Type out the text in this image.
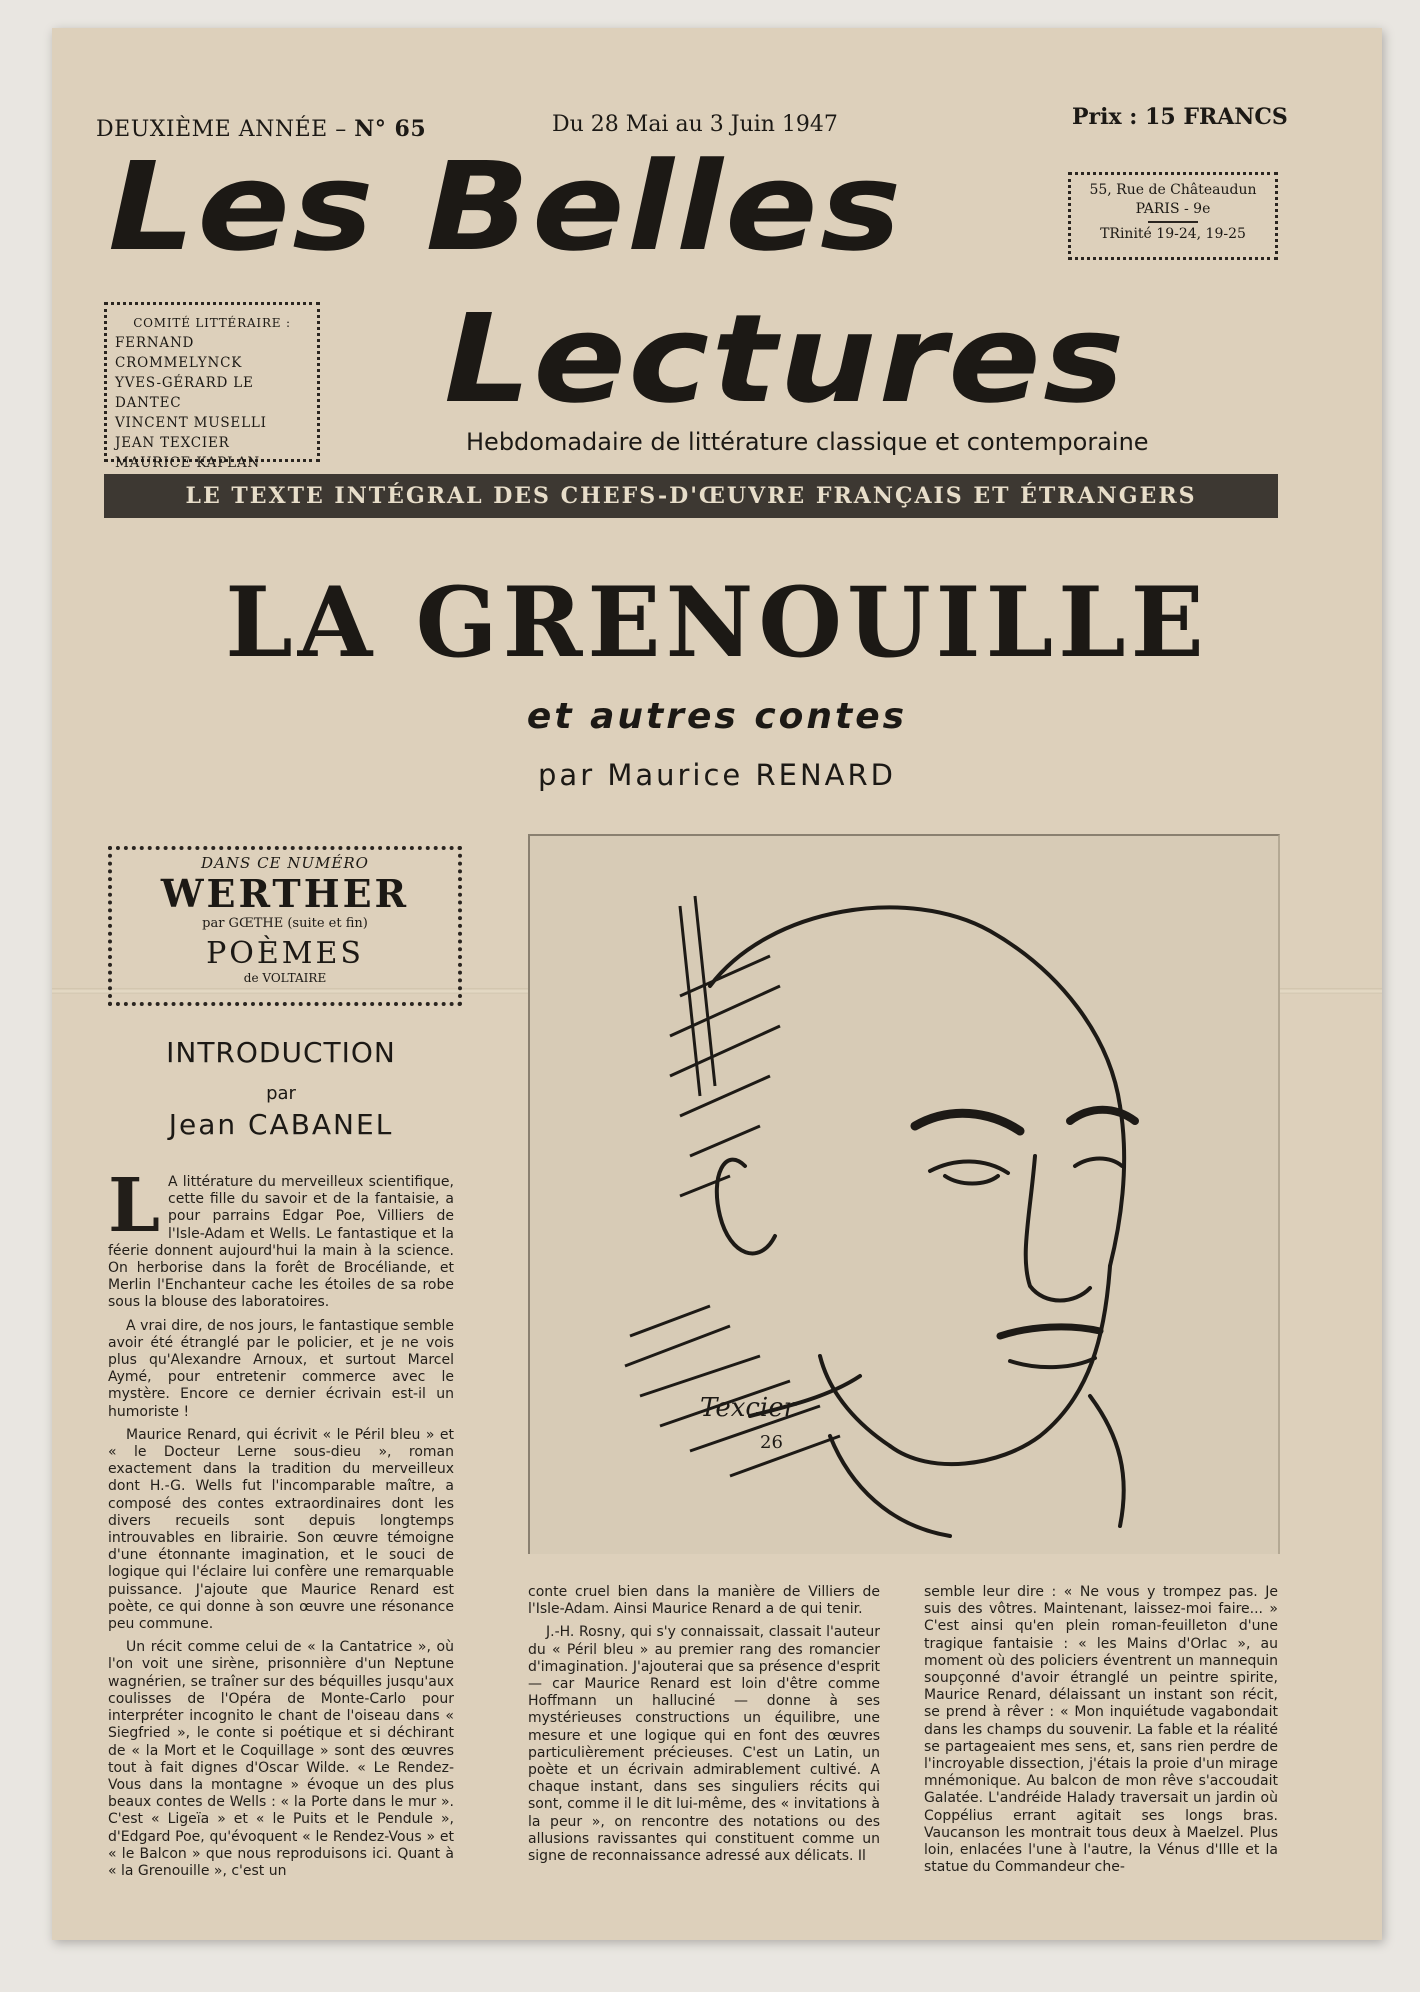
DEUXIÈME ANNÉE – N° 65	Du 28 Mai au 3 Juin 1947	Prix : 15 FRANCS
Les Belles
Lectures
55, Rue de Châteaudun
PARIS - 9e
TRinité 19-24, 19-25
COMITÉ LITTÉRAIRE :
FERNAND CROMMELYNCK
YVES-GÉRARD LE DANTEC
VINCENT MUSELLI
JEAN TEXCIER
MAURICE KAPLAN
Hebdomadaire de littérature classique et contemporaine
LE TEXTE INTÉGRAL DES CHEFS-D'ŒUVRE FRANÇAIS ET ÉTRANGERS
LA GRENOUILLE
et autres contes
par Maurice RENARD
DANS CE NUMÉRO
WERTHER
par GŒTHE (suite et fin)
POÈMES
de VOLTAIRE
INTRODUCTION
par
Jean CABANEL
Texcier
26
L A littérature du merveilleux scientifique, cette fille du savoir et de la fantaisie, a pour parrains Edgar Poe, Villiers de l'Isle-Adam et Wells. Le fantastique et la féerie donnent aujourd'hui la main à la science. On herborise dans la forêt de Brocéliande, et Merlin l'Enchanteur cache les étoiles de sa robe sous la blouse des laboratoires.

A vrai dire, de nos jours, le fantastique semble avoir été étranglé par le policier, et je ne vois plus qu'Alexandre Arnoux, et surtout Marcel Aymé, pour entretenir commerce avec le mystère. Encore ce dernier écrivain est-il un humoriste !

Maurice Renard, qui écrivit « le Péril bleu » et « le Docteur Lerne sous-dieu », roman exactement dans la tradition du merveilleux dont H.-G. Wells fut l'incomparable maître, a composé des contes extraordinaires dont les divers recueils sont depuis longtemps introuvables en librairie. Son œuvre témoigne d'une étonnante imagination, et le souci de logique qui l'éclaire lui confère une remarquable puissance. J'ajoute que Maurice Renard est poète, ce qui donne à son œuvre une résonance peu commune.

Un récit comme celui de « la Cantatrice », où l'on voit une sirène, prisonnière d'un Neptune wagnérien, se traîner sur des béquilles jusqu'aux coulisses de l'Opéra de Monte-Carlo pour interpréter incognito le chant de l'oiseau dans « Siegfried », le conte si poétique et si déchirant de « la Mort et le Coquillage » sont des œuvres tout à fait dignes d'Oscar Wilde. « Le Rendez-Vous dans la montagne » évoque un des plus beaux contes de Wells : « la Porte dans le mur ». C'est « Ligeïa » et « le Puits et le Pendule », d'Edgard Poe, qu'évoquent « le Rendez-Vous » et « le Balcon » que nous reproduisons ici. Quant à « la Grenouille », c'est un

conte cruel bien dans la manière de Villiers de l'Isle-Adam. Ainsi Maurice Renard a de qui tenir.

J.-H. Rosny, qui s'y connaissait, classait l'auteur du « Péril bleu » au premier rang des romancier d'imagination. J'ajouterai que sa présence d'esprit — car Maurice Renard est loin d'être comme Hoffmann un halluciné — donne à ses mystérieuses constructions un équilibre, une mesure et une logique qui en font des œuvres particulièrement précieuses. C'est un Latin, un poète et un écrivain admirablement cultivé. A chaque instant, dans ses singuliers récits qui sont, comme il le dit lui-même, des « invitations à la peur », on rencontre des notations ou des allusions ravissantes qui constituent comme un signe de reconnaissance adressé aux délicats. Il

semble leur dire : « Ne vous y trompez pas. Je suis des vôtres. Maintenant, laissez-moi faire... » C'est ainsi qu'en plein roman-feuilleton d'une tragique fantaisie : « les Mains d'Orlac », au moment où des policiers éventrent un mannequin soupçonné d'avoir étranglé un peintre spirite, Maurice Renard, délaissant un instant son récit, se prend à rêver : « Mon inquiétude vagabondait dans les champs du souvenir. La fable et la réalité se partageaient mes sens, et, sans rien perdre de l'incroyable dissection, j'étais la proie d'un mirage mnémonique. Au balcon de mon rêve s'accoudait Galatée. L'andréide Halady traversait un jardin où Coppélius errant agitait ses longs bras. Vaucanson les montrait tous deux à Maelzel. Plus loin, enlacées l'une à l'autre, la Vénus d'Ille et la statue du Commandeur che-
